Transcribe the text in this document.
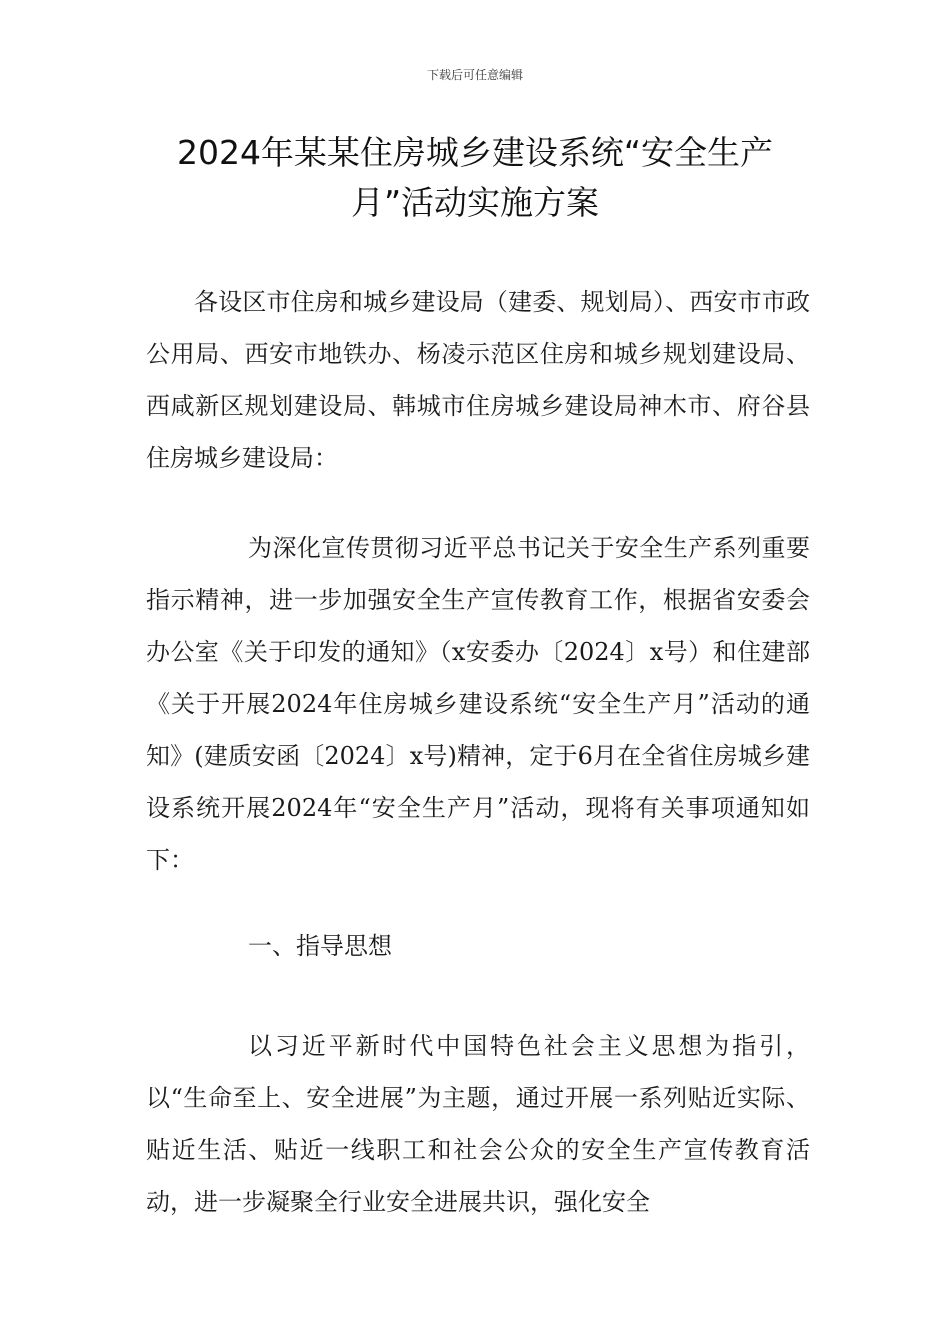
下载后可任意编辑
2024年某某住房城乡建设系统“安全生产
月”活动实施方案

各设区市住房和城乡建设局（建委、规划局）、西安市市政公用局、西安市地铁办、杨凌示范区住房和城乡规划建设局、西咸新区规划建设局、韩城市住房城乡建设局神木市、府谷县住房城乡建设局：

为深化宣传贯彻习近平总书记关于安全生产系列重要指示精神，进一步加强安全生产宣传教育工作，根据省安委会办公室《关于印发的通知》（x安委办〔2024〕x号）和住建部《关于开展2024年住房城乡建设系统“安全生产月”活动的通知》(建质安函〔2024〕x号)精神，定于6月在全省住房城乡建设系统开展2024年“安全生产月”活动，现将有关事项通知如下：

一、指导思想

以习近平新时代中国特色社会主义思想为指引，以“生命至上、安全进展”为主题，通过开展一系列贴近实际、贴近生活、贴近一线职工和社会公众的安全生产宣传教育活动，进一步凝聚全行业安全进展共识，强化安全
